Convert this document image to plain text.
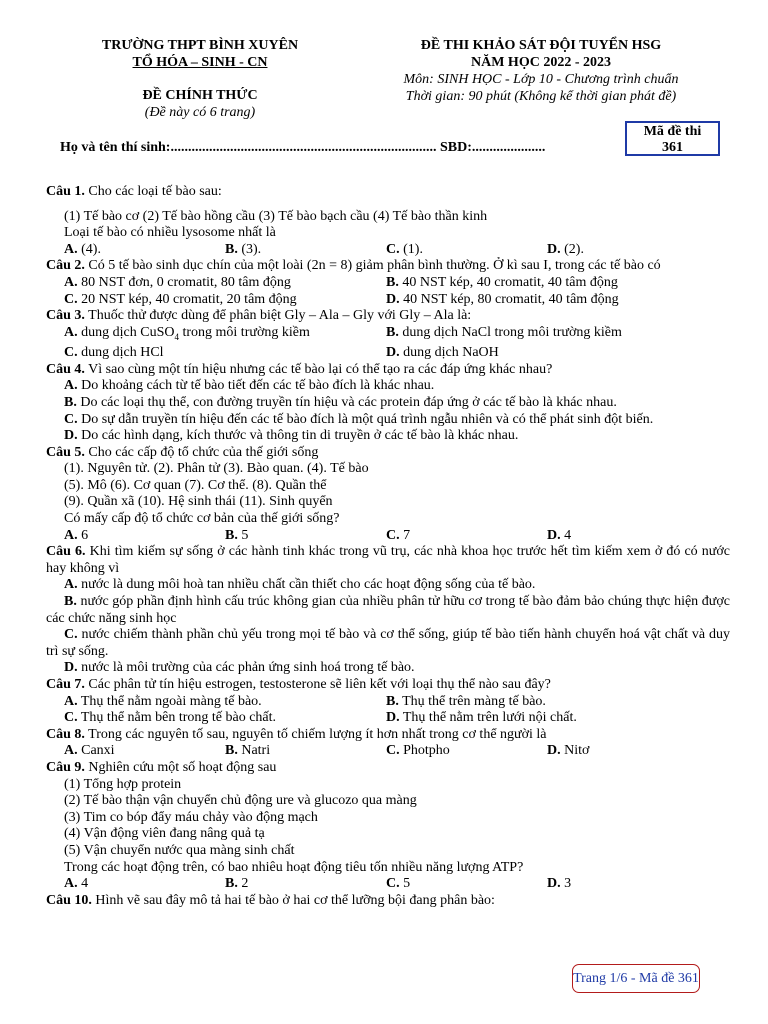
TRƯỜNG THPT BÌNH XUYÊN
TỔ HÓA – SINH - CN
ĐỀ CHÍNH THỨC
(Đề này có 6 trang)
ĐỀ THI KHẢO SÁT ĐỘI TUYỂN HSG
NĂM HỌC 2022 - 2023
Môn: SINH HỌC - Lớp 10 - Chương trình chuẩn
Thời gian: 90 phút (Không kể thời gian phát đề)
Mã đề thi
361
Họ và tên thí sinh:............................................................................ SBD:.....................
Câu 1. Cho các loại tế bào sau:
(1) Tế bào cơ (2) Tế bào hồng cầu (3) Tế bào bạch cầu (4) Tế bào thần kinh
Loại tế bào có nhiều lysosome nhất là
A. (4).	B. (3).	C. (1).	D. (2).
Câu 2. Có 5 tế bào sinh dục chín của một loài (2n = 8) giảm phân bình thường. Ở kì sau I, trong các tế bào có
A. 80 NST đơn, 0 cromatit, 80 tâm động	B. 40 NST kép, 40 cromatit, 40 tâm động
C. 20 NST kép, 40 cromatit, 20 tâm động	D. 40 NST kép, 80 cromatit, 40 tâm động
Câu 3. Thuốc thử được dùng để phân biệt Gly – Ala – Gly với Gly – Ala là:
A. dung dịch CuSO$_4$ trong môi trường kiềm	B. dung dịch NaCl trong môi trường kiềm
C. dung dịch HCl	D. dung dịch NaOH
Câu 4. Vì sao cùng một tín hiệu nhưng các tế bào lại có thể tạo ra các đáp ứng khác nhau?
A. Do khoảng cách từ tế bào tiết đến các tế bào đích là khác nhau.
B. Do các loại thụ thể, con đường truyền tín hiệu và các protein đáp ứng ở các tế bào là khác nhau.
C. Do sự dẫn truyền tín hiệu đến các tế bào đích là một quá trình ngẫu nhiên và có thể phát sinh đột biến.
D. Do các hình dạng, kích thước và thông tin di truyền ở các tế bào là khác nhau.
Câu 5. Cho các cấp độ tổ chức của thế giới sống
(1). Nguyên tử. (2). Phân tử (3). Bào quan. (4). Tế bào
(5). Mô (6). Cơ quan (7). Cơ thể. (8). Quần thể
(9). Quần xã (10). Hệ sinh thái (11). Sinh quyển
Có mấy cấp độ tổ chức cơ bản của thế giới sống?
A. 6	B. 5	C. 7	D. 4
Câu 6. Khi tìm kiếm sự sống ở các hành tinh khác trong vũ trụ, các nhà khoa học trước hết tìm kiếm xem ở đó có nước hay không vì
A. nước là dung môi hoà tan nhiều chất cần thiết cho các hoạt động sống của tế bào.
B. nước góp phần định hình cấu trúc không gian của nhiều phân tử hữu cơ trong tế bào đảm bảo chúng thực hiện được các chức năng sinh học
C. nước chiếm thành phần chủ yếu trong mọi tế bào và cơ thể sống, giúp tế bào tiến hành chuyển hoá vật chất và duy trì sự sống.
D. nước là môi trường của các phản ứng sinh hoá trong tế bào.
Câu 7. Các phân tử tín hiệu estrogen, testosterone sẽ liên kết với loại thụ thể nào sau đây?
A. Thụ thể nằm ngoài màng tế bào.	B. Thụ thể trên màng tế bào.
C. Thụ thể nằm bên trong tế bào chất.	D. Thụ thể nằm trên lưới nội chất.
Câu 8. Trong các nguyên tố sau, nguyên tố chiếm lượng ít hơn nhất trong cơ thể người là
A. Canxi	B. Natri	C. Photpho	D. Nitơ
Câu 9. Nghiên cứu một số hoạt động sau
(1) Tổng hợp protein
(2) Tế bào thận vận chuyển chủ động ure và glucozo qua màng
(3) Tim co bóp đẩy máu chảy vào động mạch
(4) Vận động viên đang nâng quả tạ
(5) Vận chuyển nước qua màng sinh chất
Trong các hoạt động trên, có bao nhiêu hoạt động tiêu tốn nhiều năng lượng ATP?
A. 4	B. 2	C. 5	D. 3
Câu 10. Hình vẽ sau đây mô tả hai tế bào ở hai cơ thể lưỡng bội đang phân bào:
Trang 1/6 - Mã đề 361
